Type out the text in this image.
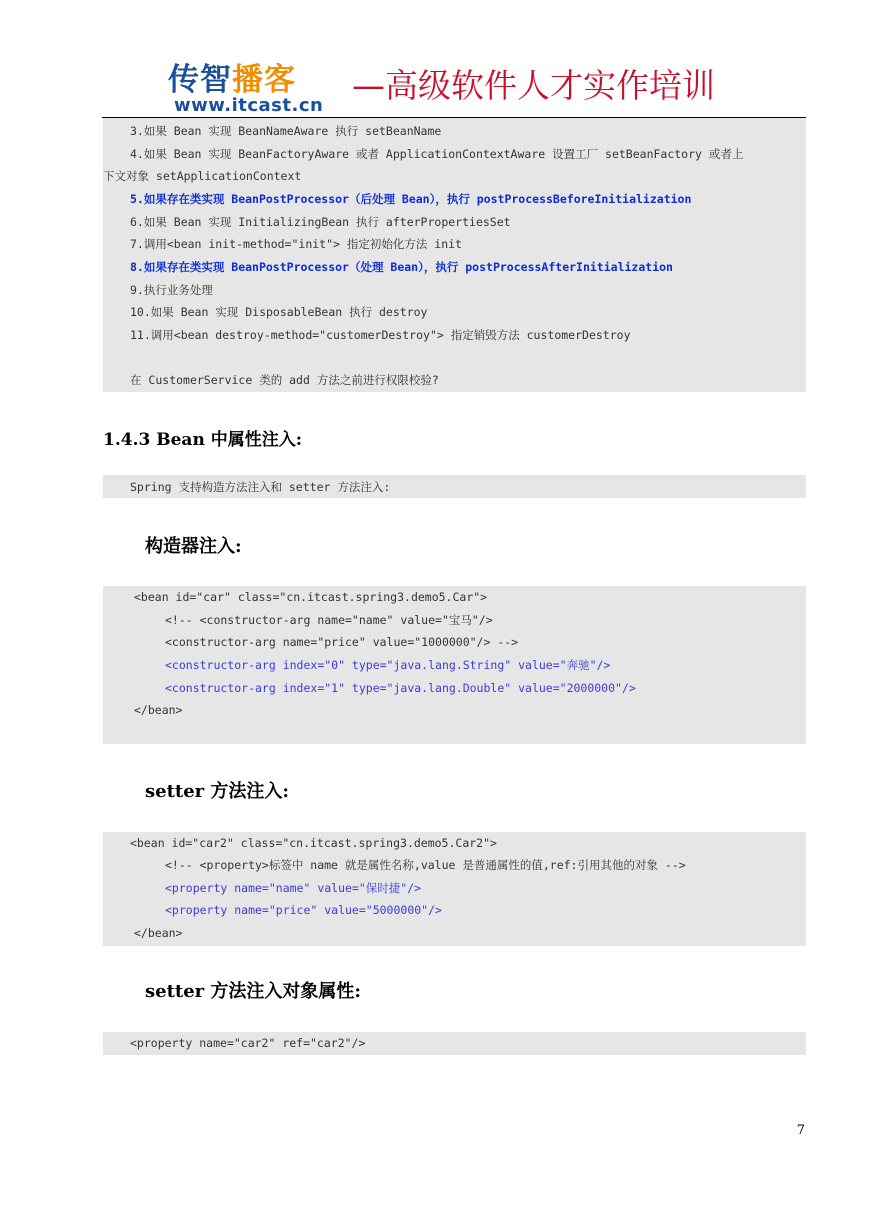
传智播客
www.itcast.cn
—高级软件人才实作培训
3.如果 Bean 实现 BeanNameAware 执行 setBeanName
4.如果 Bean 实现 BeanFactoryAware 或者 ApplicationContextAware 设置工厂 setBeanFactory 或者上
下文对象 setApplicationContext
5.如果存在类实现 BeanPostProcessor（后处理 Bean），执行 postProcessBeforeInitialization
6.如果 Bean 实现 InitializingBean 执行 afterPropertiesSet
7.调用<bean init-method="init"> 指定初始化方法 init
8.如果存在类实现 BeanPostProcessor（处理 Bean），执行 postProcessAfterInitialization
9.执行业务处理
10.如果 Bean 实现 DisposableBean 执行 destroy
11.调用<bean destroy-method="customerDestroy"> 指定销毁方法 customerDestroy
在 CustomerService 类的 add 方法之前进行权限校验?
1.4.3 Bean 中属性注入:
Spring 支持构造方法注入和 setter 方法注入:
构造器注入:
<bean id="car" class="cn.itcast.spring3.demo5.Car">
<!-- <constructor-arg name="name" value="宝马"/>
<constructor-arg name="price" value="1000000"/> -->
<constructor-arg index="0" type="java.lang.String" value="奔驰"/>
<constructor-arg index="1" type="java.lang.Double" value="2000000"/>
</bean>
setter 方法注入:
<bean id="car2" class="cn.itcast.spring3.demo5.Car2">
<!-- <property>标签中 name 就是属性名称,value 是普通属性的值,ref:引用其他的对象 -->
<property name="name" value="保时捷"/>
<property name="price" value="5000000"/>
</bean>
setter 方法注入对象属性:
<property name="car2" ref="car2"/>
7
